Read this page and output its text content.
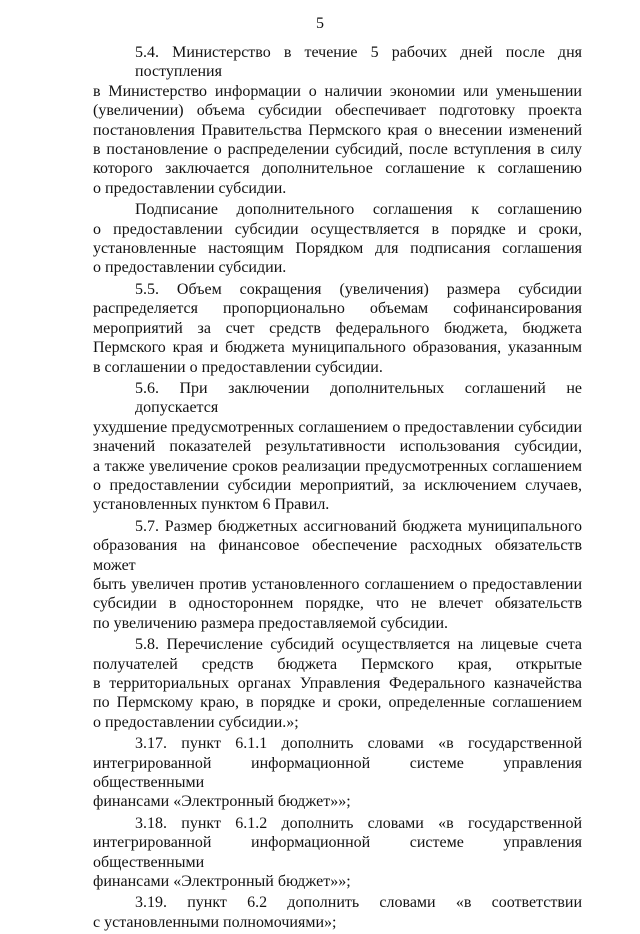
5
5.4. Министерство в течение 5 рабочих дней после дня поступления
в Министерство информации о наличии экономии или уменьшении
(увеличении) объема субсидии обеспечивает подготовку проекта
постановления Правительства Пермского края о внесении изменений
в постановление о распределении субсидий, после вступления в силу
которого заключается дополнительное соглашение к соглашению
о предоставлении субсидии.
Подписание дополнительного соглашения к соглашению
о предоставлении субсидии осуществляется в порядке и сроки,
установленные настоящим Порядком для подписания соглашения
о предоставлении субсидии.
5.5. Объем сокращения (увеличения) размера субсидии
распределяется пропорционально объемам софинансирования
мероприятий за счет средств федерального бюджета, бюджета
Пермского края и бюджета муниципального образования, указанным
в соглашении о предоставлении субсидии.
5.6. При заключении дополнительных соглашений не допускается
ухудшение предусмотренных соглашением о предоставлении субсидии
значений показателей результативности использования субсидии,
а также увеличение сроков реализации предусмотренных соглашением
о предоставлении субсидии мероприятий, за исключением случаев,
установленных пунктом 6 Правил.
5.7. Размер бюджетных ассигнований бюджета муниципального
образования на финансовое обеспечение расходных обязательств может
быть увеличен против установленного соглашением о предоставлении
субсидии в одностороннем порядке, что не влечет обязательств
по увеличению размера предоставляемой субсидии.
5.8. Перечисление субсидий осуществляется на лицевые счета
получателей средств бюджета Пермского края, открытые
в территориальных органах Управления Федерального казначейства
по Пермскому краю, в порядке и сроки, определенные соглашением
о предоставлении субсидии.»;
3.17. пункт 6.1.1 дополнить словами «в государственной
интегрированной информационной системе управления общественными
финансами «Электронный бюджет»»;
3.18. пункт 6.1.2 дополнить словами «в государственной
интегрированной информационной системе управления общественными
финансами «Электронный бюджет»»;
3.19. пункт 6.2 дополнить словами «в соответствии
с установленными полномочиями»;
